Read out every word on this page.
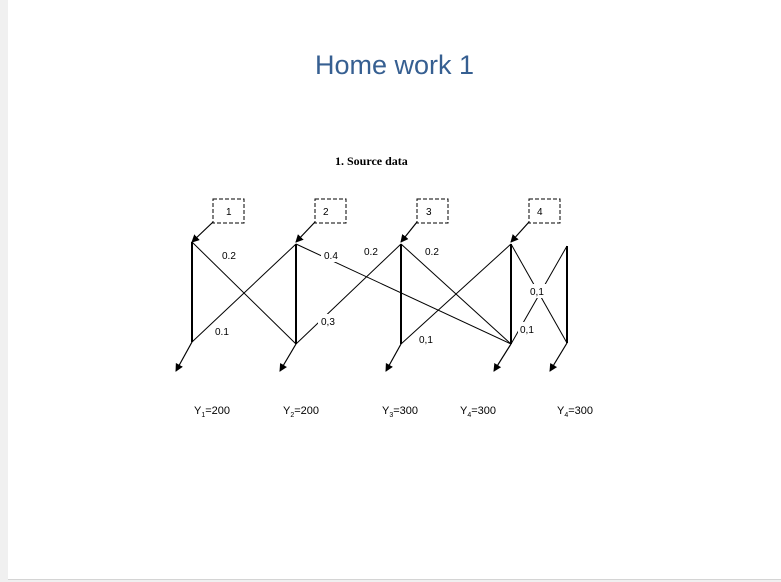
Home work 1
1. Source data
1	2	3	4
0.2
0.1
0.4
0,3
0.2	0.2
0,1
0,1
0,1
$Y_1=200$	$Y_2=200$	$Y_3=300$	$Y_4=300$	$Y_4=300$
